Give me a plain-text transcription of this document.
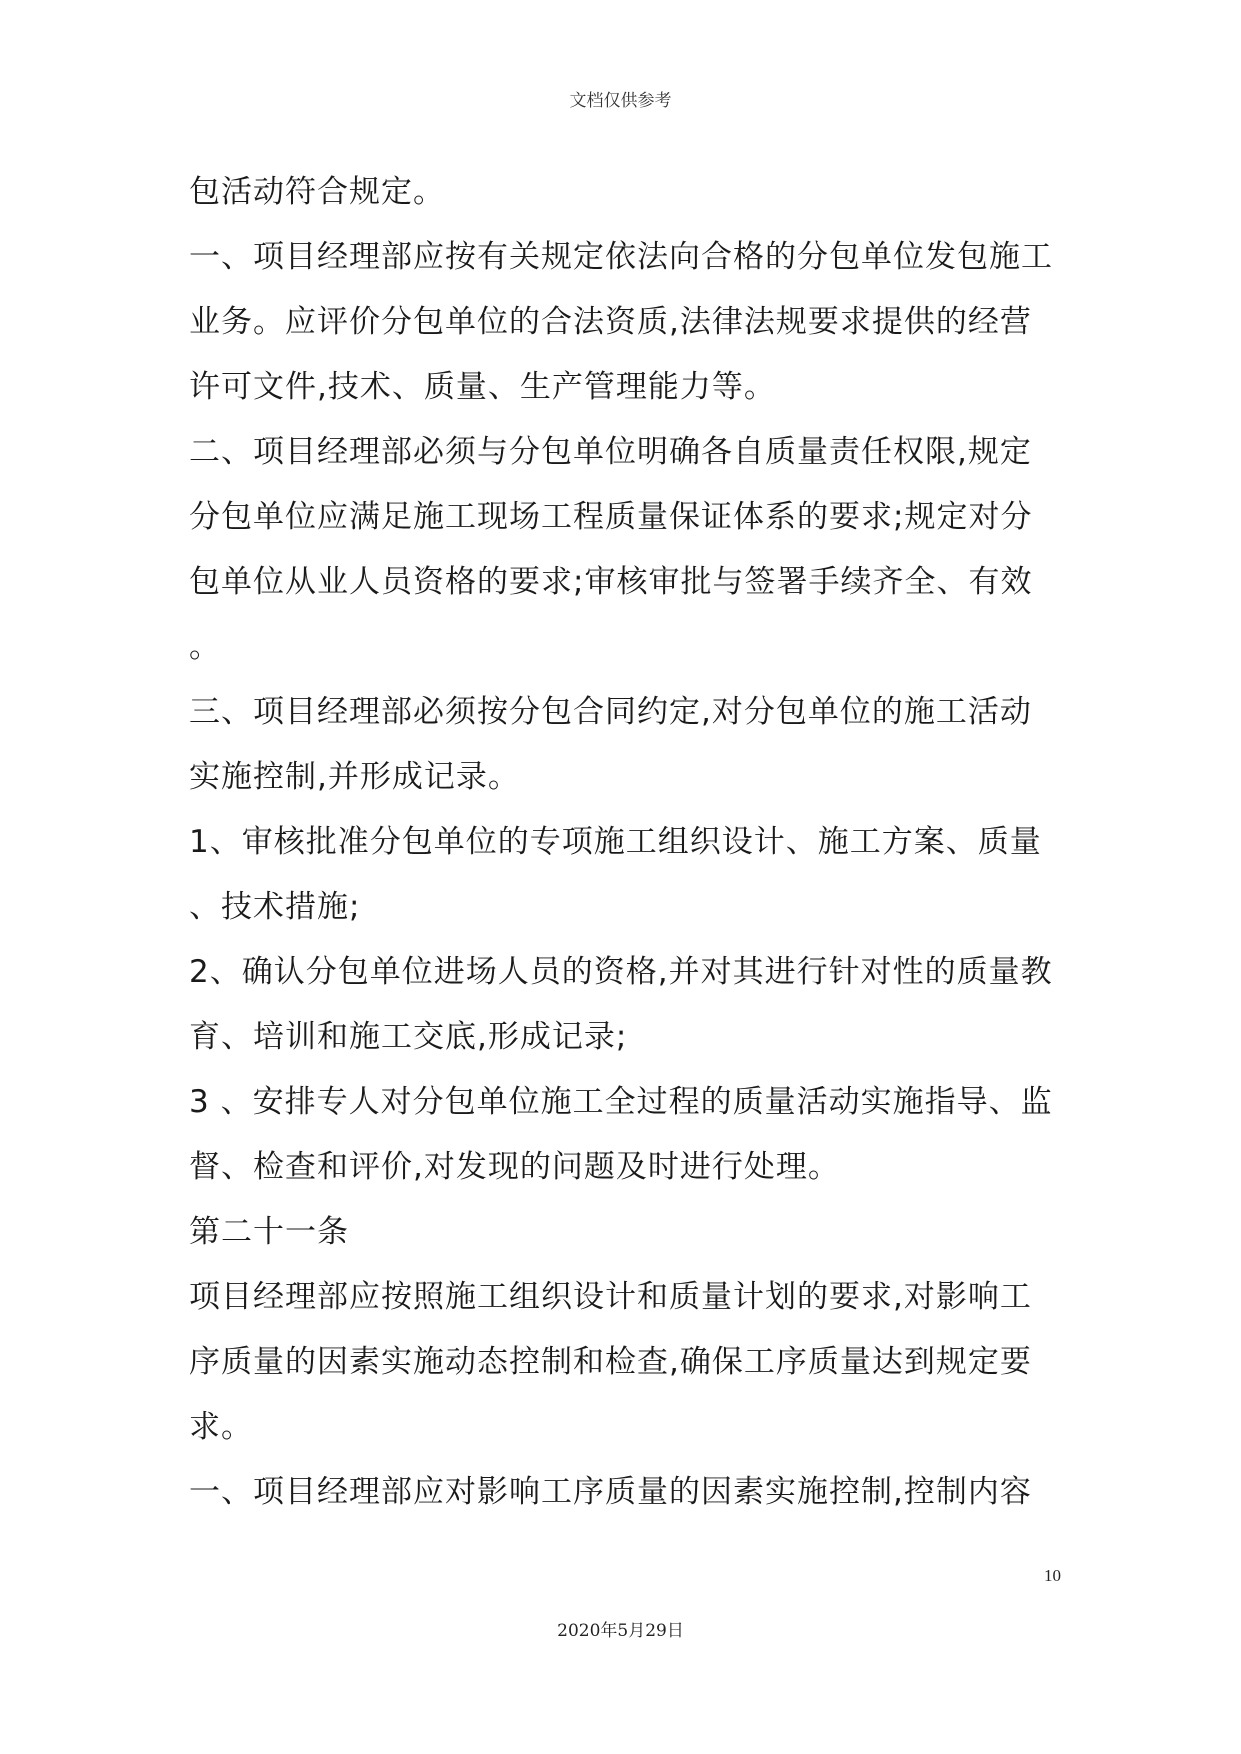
文档仅供参考
包活动符合规定。
一、项目经理部应按有关规定依法向合格的分包单位发包施工
业务。应评价分包单位的合法资质,法律法规要求提供的经营
许可文件,技术、质量、生产管理能力等。
二、项目经理部必须与分包单位明确各自质量责任权限,规定
分包单位应满足施工现场工程质量保证体系的要求;规定对分
包单位从业人员资格的要求;审核审批与签署手续齐全、有效
。
三、项目经理部必须按分包合同约定,对分包单位的施工活动
实施控制,并形成记录。
1、审核批准分包单位的专项施工组织设计、施工方案、质量
、技术措施;
2、确认分包单位进场人员的资格,并对其进行针对性的质量教
育、培训和施工交底,形成记录;
3 、安排专人对分包单位施工全过程的质量活动实施指导、监
督、检查和评价,对发现的问题及时进行处理。
第二十一条
项目经理部应按照施工组织设计和质量计划的要求,对影响工
序质量的因素实施动态控制和检查,确保工序质量达到规定要
求。
一、项目经理部应对影响工序质量的因素实施控制,控制内容
10
2020年5月29日
